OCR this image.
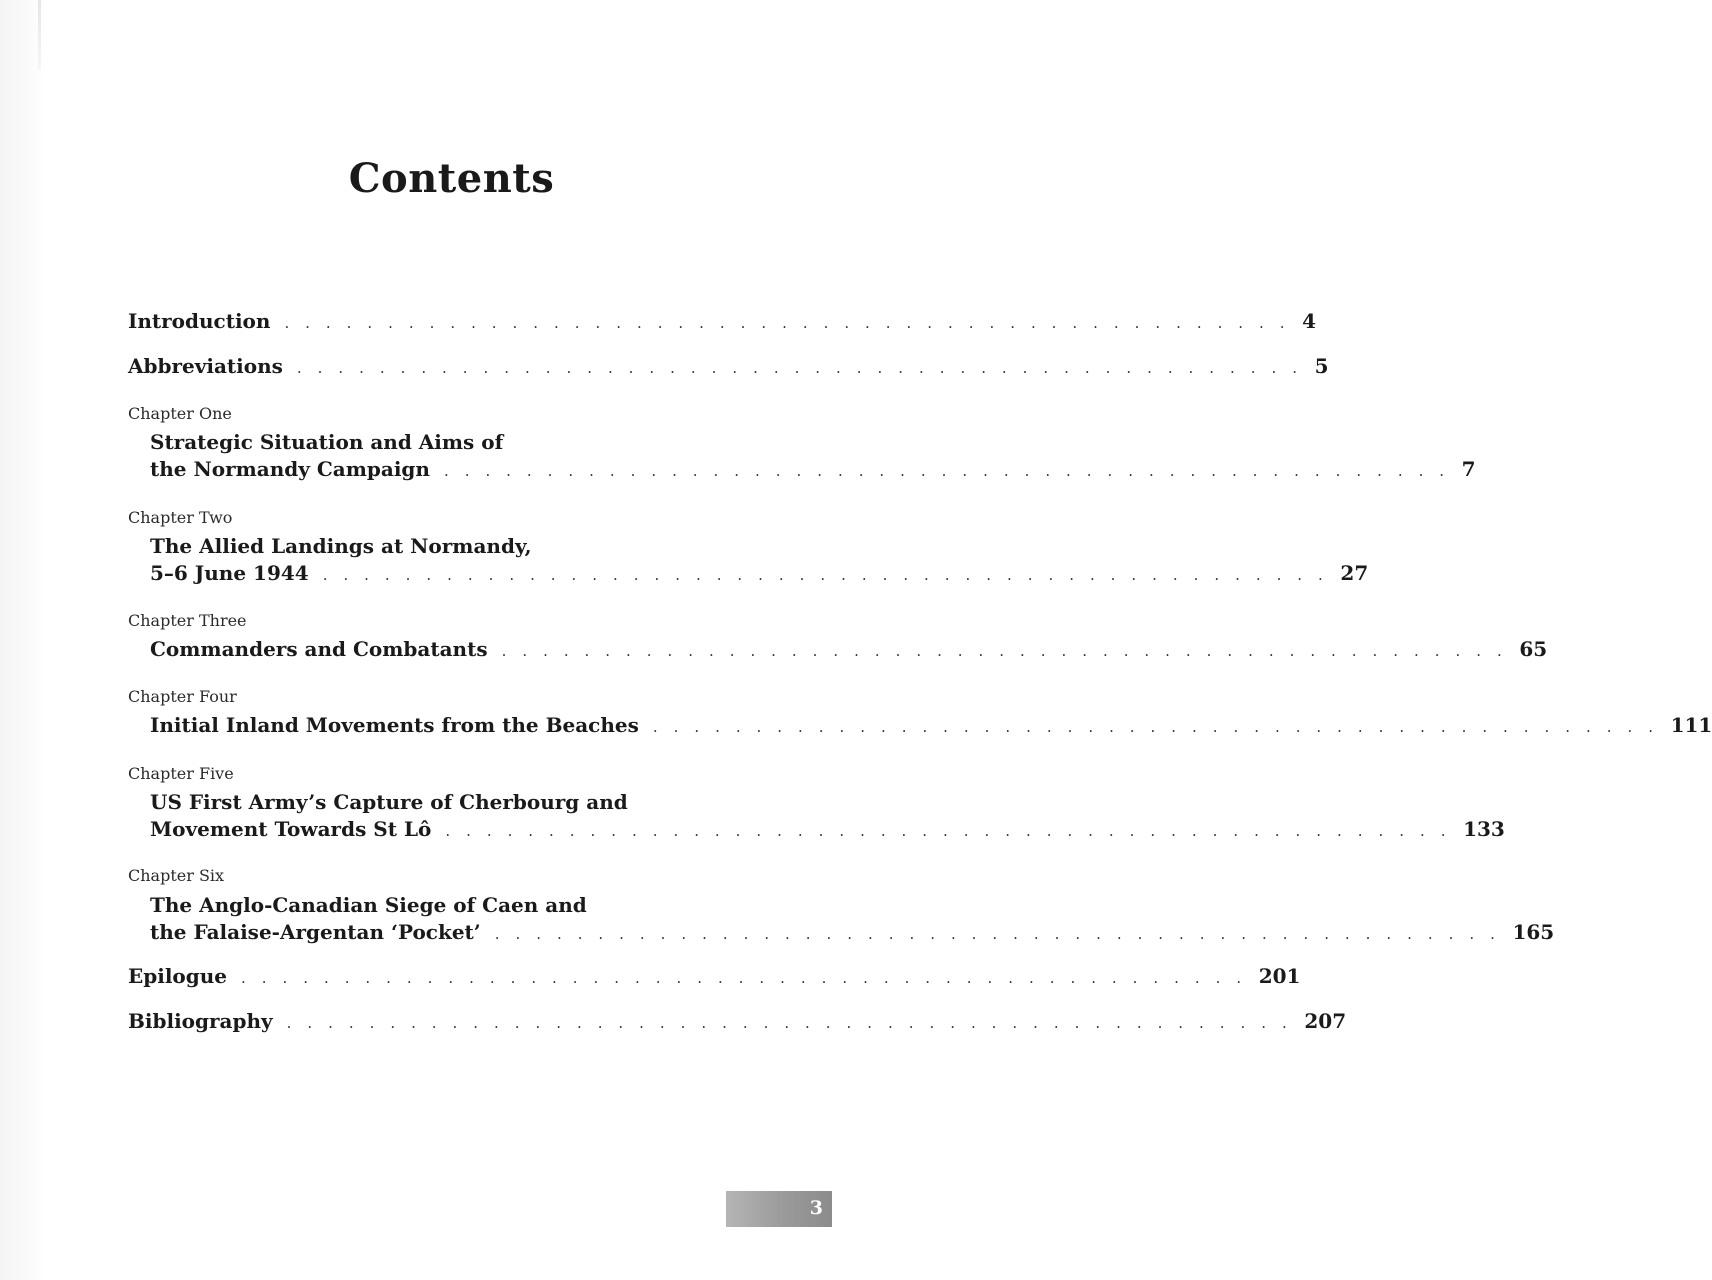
Contents
Introduction . . . . . . . . . . . . . . . . . . . . . . . . . . . . . . . . . . . . . . . . . . . . . . . . . 4
Abbreviations . . . . . . . . . . . . . . . . . . . . . . . . . . . . . . . . . . . . . . . . . . . . . . . . . 5
Chapter One
Strategic Situation and Aims of
the Normandy Campaign . . . . . . . . . . . . . . . . . . . . . . . . . . . . . . . . . . . . . . . . . . . . . . . . . 7
Chapter Two
The Allied Landings at Normandy,
5–6 June 1944 . . . . . . . . . . . . . . . . . . . . . . . . . . . . . . . . . . . . . . . . . . . . . . . . . 27
Chapter Three
Commanders and Combatants . . . . . . . . . . . . . . . . . . . . . . . . . . . . . . . . . . . . . . . . . . . . . . . . . 65
Chapter Four
Initial Inland Movements from the Beaches . . . . . . . . . . . . . . . . . . . . . . . . . . . . . . . . . . . . . . . . . . . . . . . . . 111
Chapter Five
US First Army’s Capture of Cherbourg and
Movement Towards St Lô . . . . . . . . . . . . . . . . . . . . . . . . . . . . . . . . . . . . . . . . . . . . . . . . . 133
Chapter Six
The Anglo-Canadian Siege of Caen and
the Falaise-Argentan ‘Pocket’ . . . . . . . . . . . . . . . . . . . . . . . . . . . . . . . . . . . . . . . . . . . . . . . . . 165
Epilogue . . . . . . . . . . . . . . . . . . . . . . . . . . . . . . . . . . . . . . . . . . . . . . . . . 201
Bibliography . . . . . . . . . . . . . . . . . . . . . . . . . . . . . . . . . . . . . . . . . . . . . . . . . 207
3
